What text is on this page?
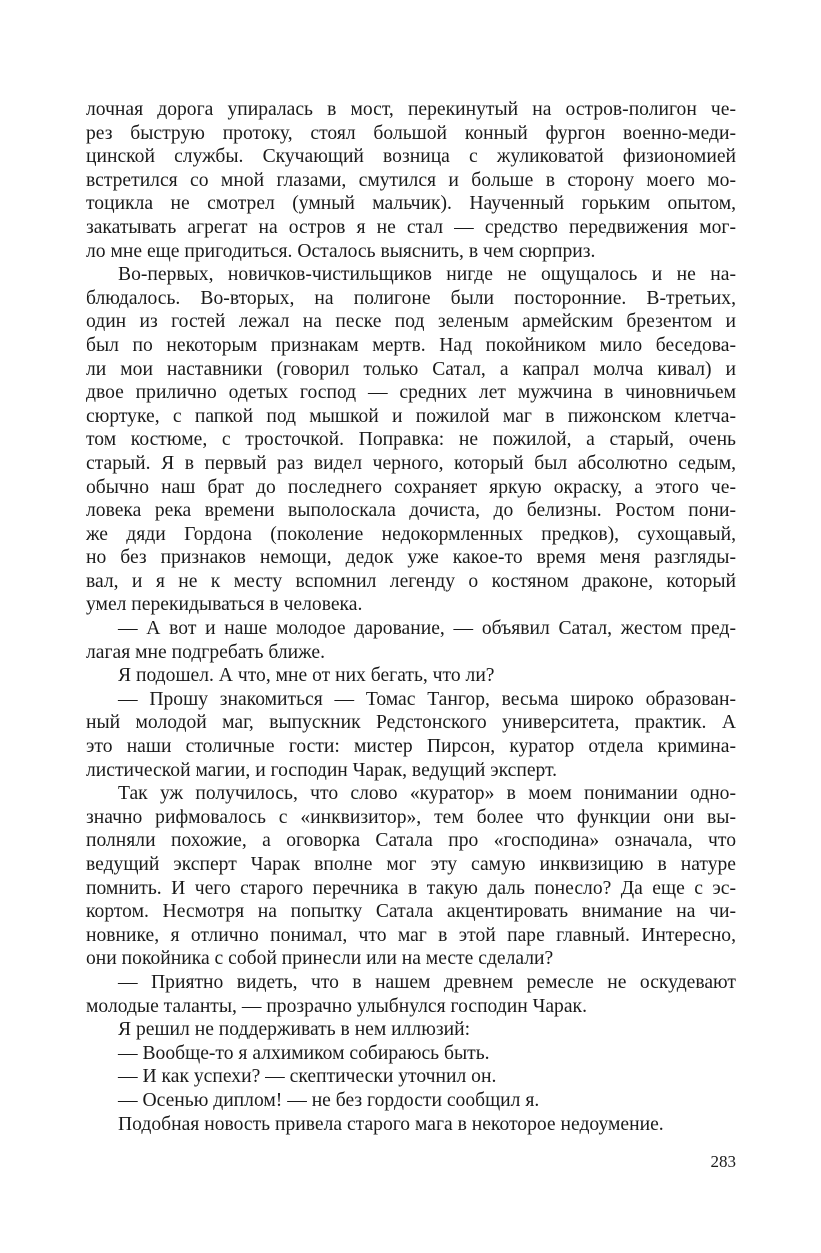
лочная дорога упиралась в мост, перекинутый на остров-полигон че-
рез быструю протоку, стоял большой конный фургон военно-меди-
цинской службы. Скучающий возница с жуликоватой физиономией
встретился со мной глазами, смутился и больше в сторону моего мо-
тоцикла не смотрел (умный мальчик). Наученный горьким опытом,
закатывать агрегат на остров я не стал — средство передвижения мог-
ло мне еще пригодиться. Осталось выяснить, в чем сюрприз.
Во-первых, новичков-чистильщиков нигде не ощущалось и не на-
блюдалось. Во-вторых, на полигоне были посторонние. В-третьих,
один из гостей лежал на песке под зеленым армейским брезентом и
был по некоторым признакам мертв. Над покойником мило беседова-
ли мои наставники (говорил только Сатал, а капрал молча кивал) и
двое прилично одетых господ — средних лет мужчина в чиновничьем
сюртуке, с папкой под мышкой и пожилой маг в пижонском клетча-
том костюме, с тросточкой. Поправка: не пожилой, а старый, очень
старый. Я в первый раз видел черного, который был абсолютно седым,
обычно наш брат до последнего сохраняет яркую окраску, а этого че-
ловека река времени выполоскала дочиста, до белизны. Ростом пони-
же дяди Гордона (поколение недокормленных предков), сухощавый,
но без признаков немощи, дедок уже какое-то время меня разгляды-
вал, и я не к месту вспомнил легенду о костяном драконе, который
умел перекидываться в человека.
— А вот и наше молодое дарование, — объявил Сатал, жестом пред-
лагая мне подгребать ближе.
Я подошел. А что, мне от них бегать, что ли?
— Прошу знакомиться — Томас Тангор, весьма широко образован-
ный молодой маг, выпускник Редстонского университета, практик. А
это наши столичные гости: мистер Пирсон, куратор отдела кримина-
листической магии, и господин Чарак, ведущий эксперт.
Так уж получилось, что слово «куратор» в моем понимании одно-
значно рифмовалось с «инквизитор», тем более что функции они вы-
полняли похожие, а оговорка Сатала про «господина» означала, что
ведущий эксперт Чарак вполне мог эту самую инквизицию в натуре
помнить. И чего старого перечника в такую даль понесло? Да еще с эс-
кортом. Несмотря на попытку Сатала акцентировать внимание на чи-
новнике, я отлично понимал, что маг в этой паре главный. Интересно,
они покойника с собой принесли или на месте сделали?
— Приятно видеть, что в нашем древнем ремесле не оскудевают
молодые таланты, — прозрачно улыбнулся господин Чарак.
Я решил не поддерживать в нем иллюзий:
— Вообще-то я алхимиком собираюсь быть.
— И как успехи? — скептически уточнил он.
— Осенью диплом! — не без гордости сообщил я.
Подобная новость привела старого мага в некоторое недоумение.
283
